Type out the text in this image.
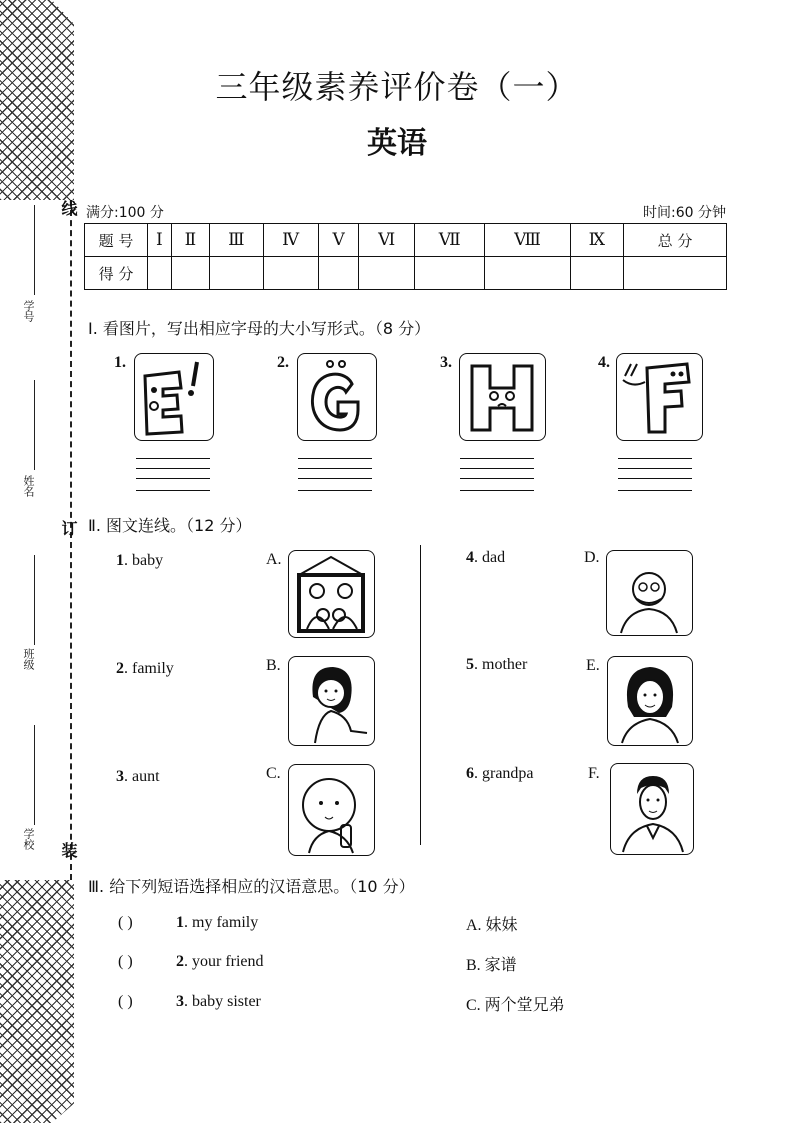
学号
姓名
班级
学校
线
订
装
三年级素养评价卷（一）
英语
满分:100 分	时间:60 分钟
题 号	Ⅰ	Ⅱ	Ⅲ	Ⅳ	Ⅴ	Ⅵ	Ⅶ	Ⅷ	Ⅸ	总 分
得 分										
Ⅰ. 看图片，写出相应字母的大小写形式。（8 分）
1.	2.	3.	4.
Ⅱ. 图文连线。（12 分）
1. baby	A.
2. family	B.
3. aunt	C.
4. dad	D.
5. mother	E.
6. grandpa	F.
Ⅲ. 给下列短语选择相应的汉语意思。（10 分）
( )	1. my family	A. 妹妹
( )	2. your friend	B. 家谱
( )	3. baby sister	C. 两个堂兄弟
